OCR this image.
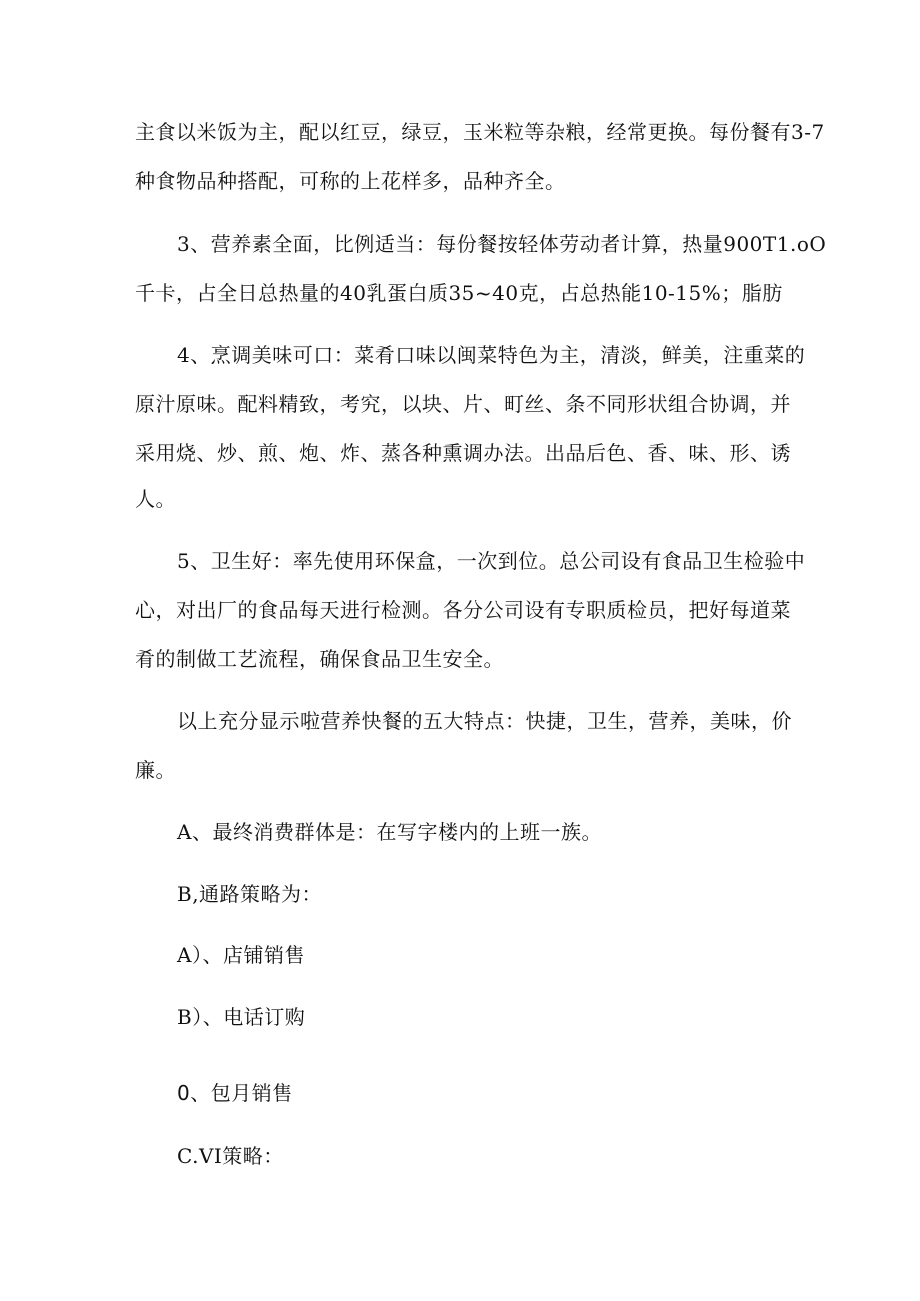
主食以米饭为主，配以红豆，绿豆，玉米粒等杂粮，经常更换。每份餐有3-7
种食物品种搭配，可称的上花样多，品种齐全。
3、营养素全面，比例适当：每份餐按轻体劳动者计算，热量900T1.oO
千卡，占全日总热量的40乳蛋白质35~40克，占总热能10-15%；脂肪
4、烹调美味可口：菜肴口味以闽菜特色为主，清淡，鲜美，注重菜的
原汁原味。配料精致，考究，以块、片、町丝、条不同形状组合协调，并
采用烧、炒、煎、炮、炸、蒸各种熏调办法。出品后色、香、味、形、诱
人。
5、卫生好：率先使用环保盒，一次到位。总公司设有食品卫生检验中
心，对出厂的食品每天进行检测。各分公司设有专职质检员，把好每道菜
肴的制做工艺流程，确保食品卫生安全。
以上充分显示啦营养快餐的五大特点：快捷，卫生，营养，美味，价
廉。
A、最终消费群体是：在写字楼内的上班一族。
B,通路策略为：
A）、店铺销售
B）、电话订购
0、包月销售
C.VI策略：
